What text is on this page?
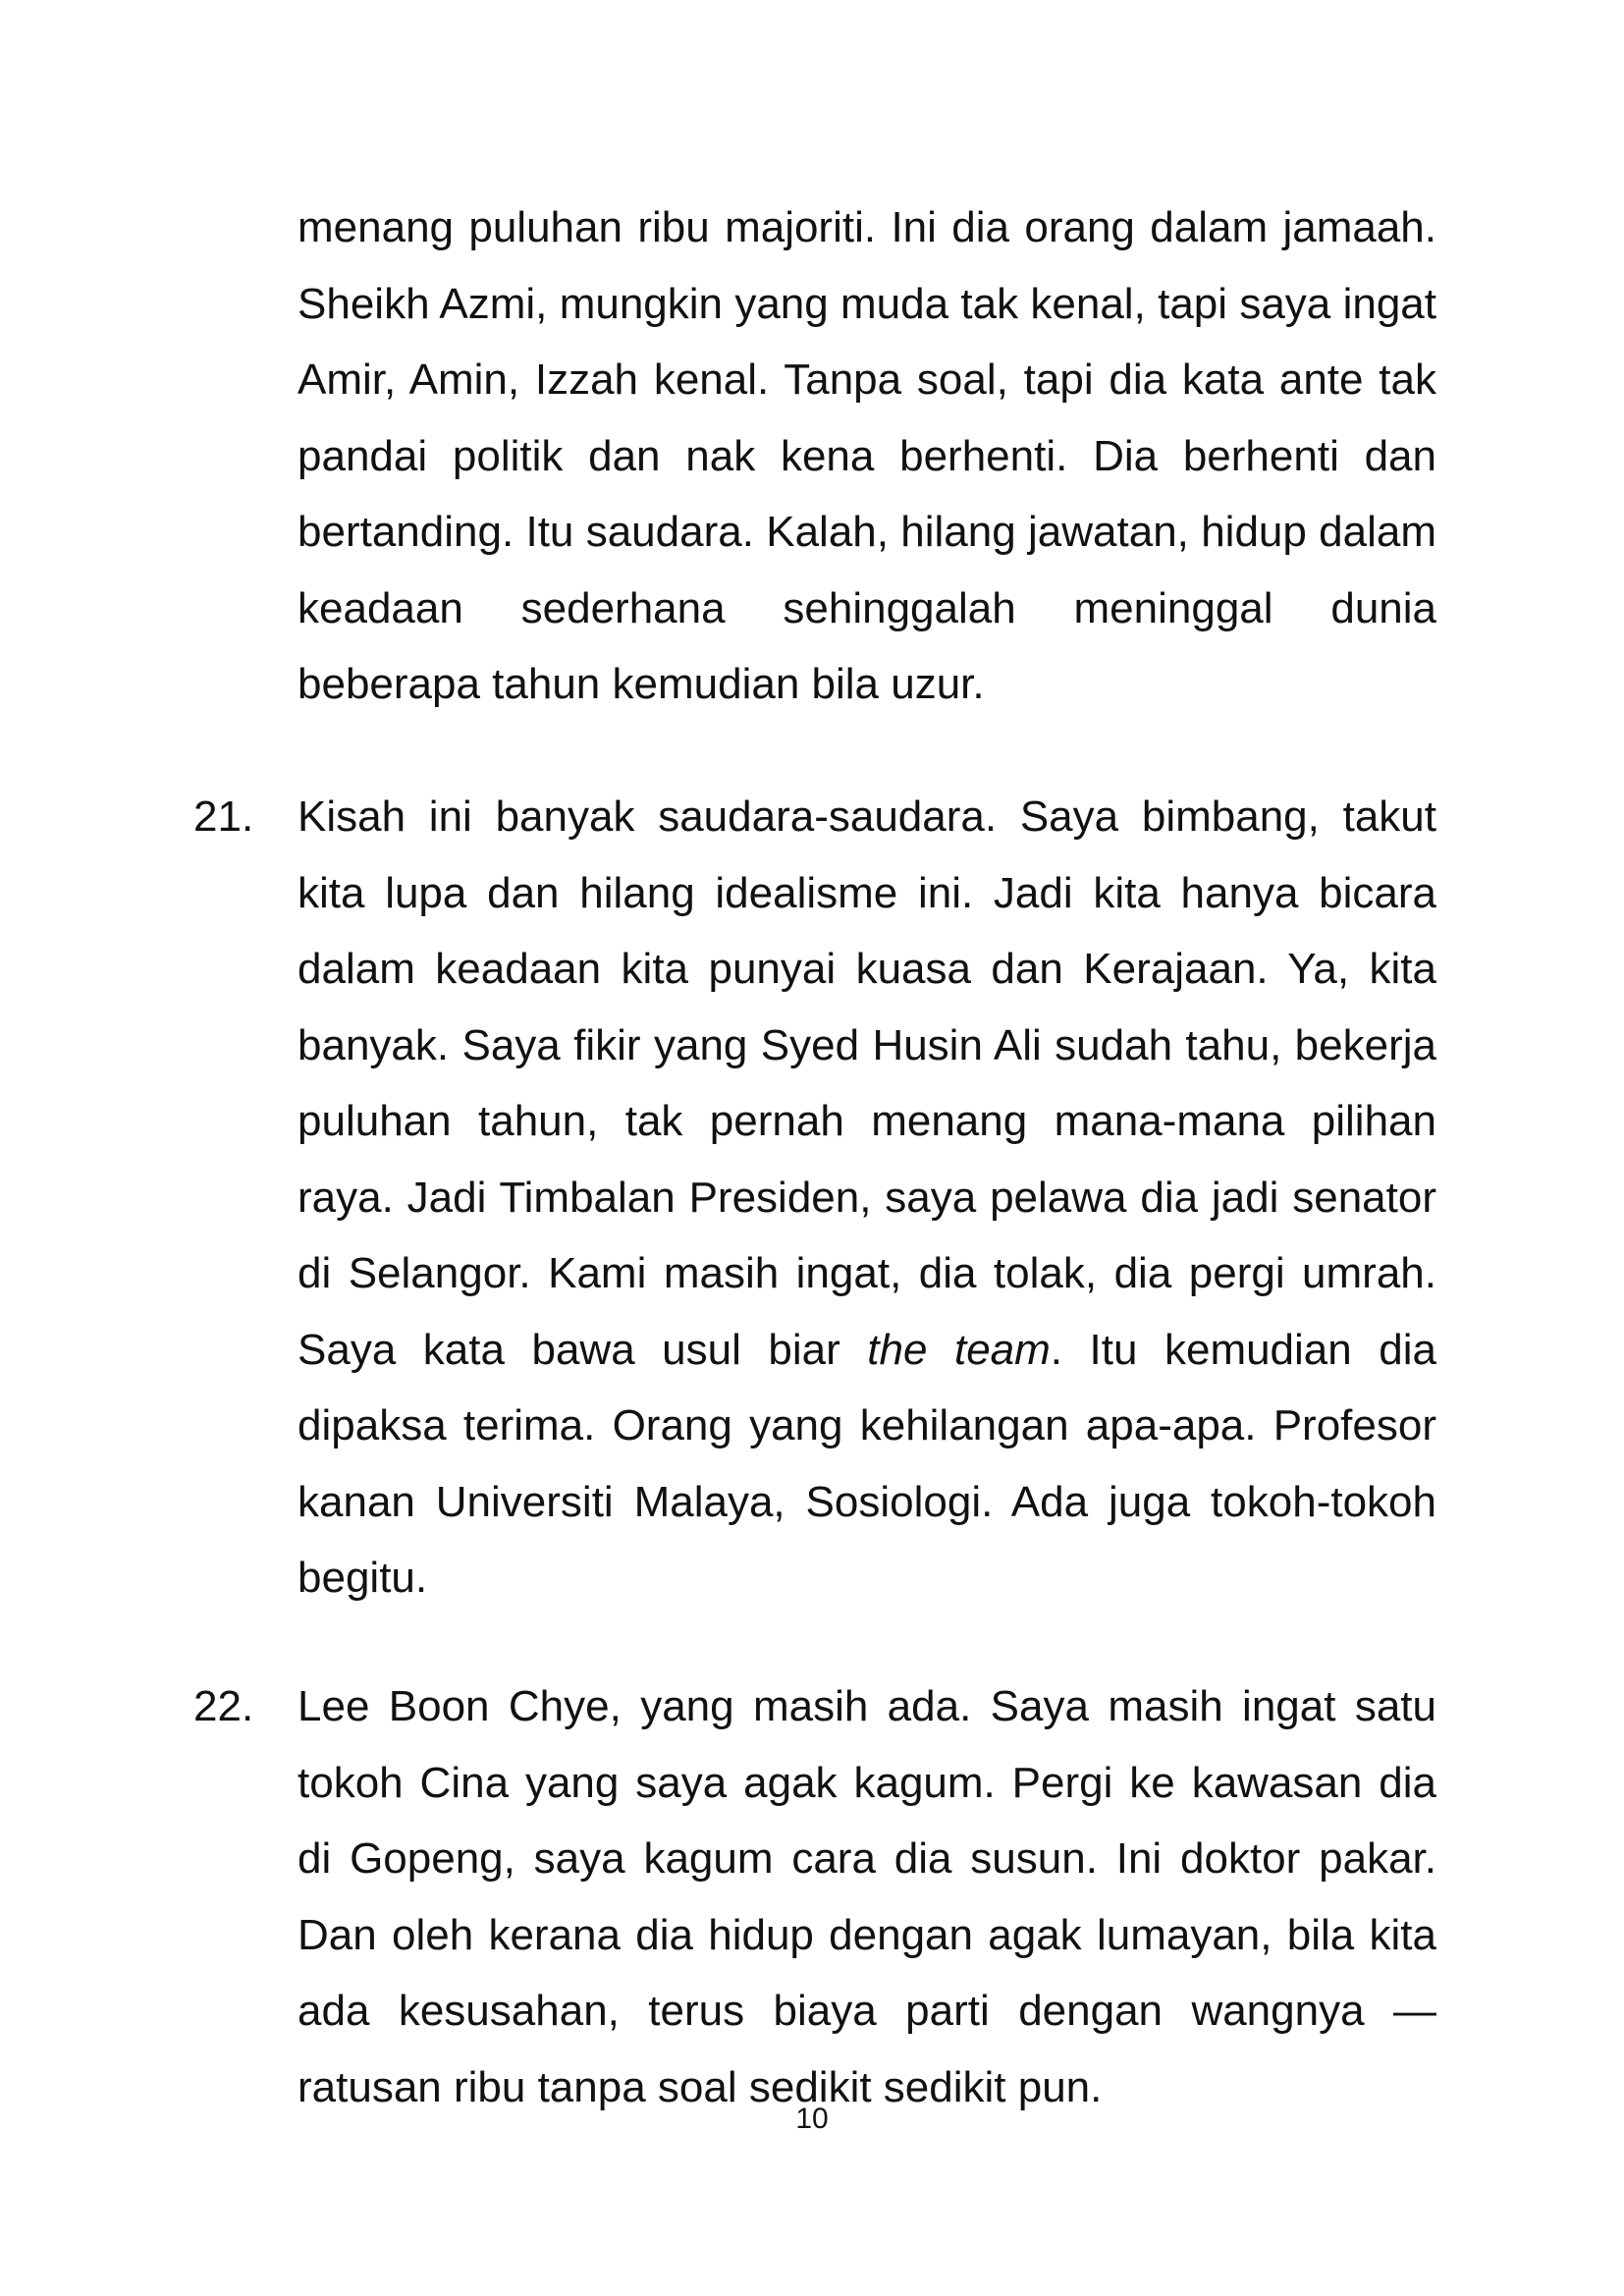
menang puluhan ribu majoriti. Ini dia orang dalam jamaah.
Sheikh Azmi, mungkin yang muda tak kenal, tapi saya ingat
Amir, Amin, Izzah kenal. Tanpa soal, tapi dia kata ante tak
pandai politik dan nak kena berhenti. Dia berhenti dan
bertanding. Itu saudara. Kalah, hilang jawatan, hidup dalam
keadaan sederhana sehinggalah meninggal dunia
beberapa tahun kemudian bila uzur.
21. Kisah ini banyak saudara-saudara. Saya bimbang, takut
kita lupa dan hilang idealisme ini. Jadi kita hanya bicara
dalam keadaan kita punyai kuasa dan Kerajaan. Ya, kita
banyak. Saya fikir yang Syed Husin Ali sudah tahu, bekerja
puluhan tahun, tak pernah menang mana-mana pilihan
raya. Jadi Timbalan Presiden, saya pelawa dia jadi senator
di Selangor. Kami masih ingat, dia tolak, dia pergi umrah.
Saya kata bawa usul biar the team. Itu kemudian dia
dipaksa terima. Orang yang kehilangan apa-apa. Profesor
kanan Universiti Malaya, Sosiologi. Ada juga tokoh-tokoh
begitu.
22. Lee Boon Chye, yang masih ada. Saya masih ingat satu
tokoh Cina yang saya agak kagum. Pergi ke kawasan dia
di Gopeng, saya kagum cara dia susun. Ini doktor pakar.
Dan oleh kerana dia hidup dengan agak lumayan, bila kita
ada kesusahan, terus biaya parti dengan wangnya —
ratusan ribu tanpa soal sedikit sedikit pun.
10
